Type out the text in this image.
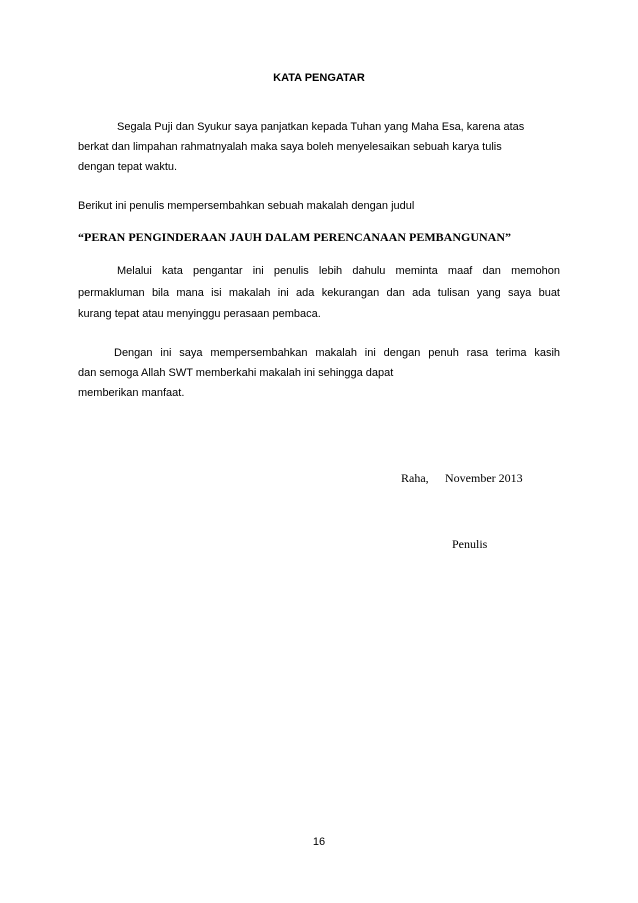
KATA PENGATAR
Segala Puji dan Syukur saya panjatkan kepada Tuhan yang Maha Esa, karena atas
berkat dan limpahan rahmatnyalah maka saya boleh menyelesaikan sebuah karya tulis
dengan tepat waktu.
Berikut ini penulis mempersembahkan sebuah makalah dengan judul
“PERAN PENGINDERAAN JAUH DALAM PERENCANAAN PEMBANGUNAN”
Melalui kata pengantar ini penulis lebih dahulu meminta maaf dan memohon
permakluman bila mana isi makalah ini ada kekurangan dan ada tulisan yang saya buat
kurang tepat atau menyinggu perasaan pembaca.
Dengan ini saya mempersembahkan makalah ini dengan penuh rasa terima kasih
dan semoga Allah SWT memberkahi makalah ini sehingga dapat
memberikan manfaat.
Raha, November 2013
Penulis
16
